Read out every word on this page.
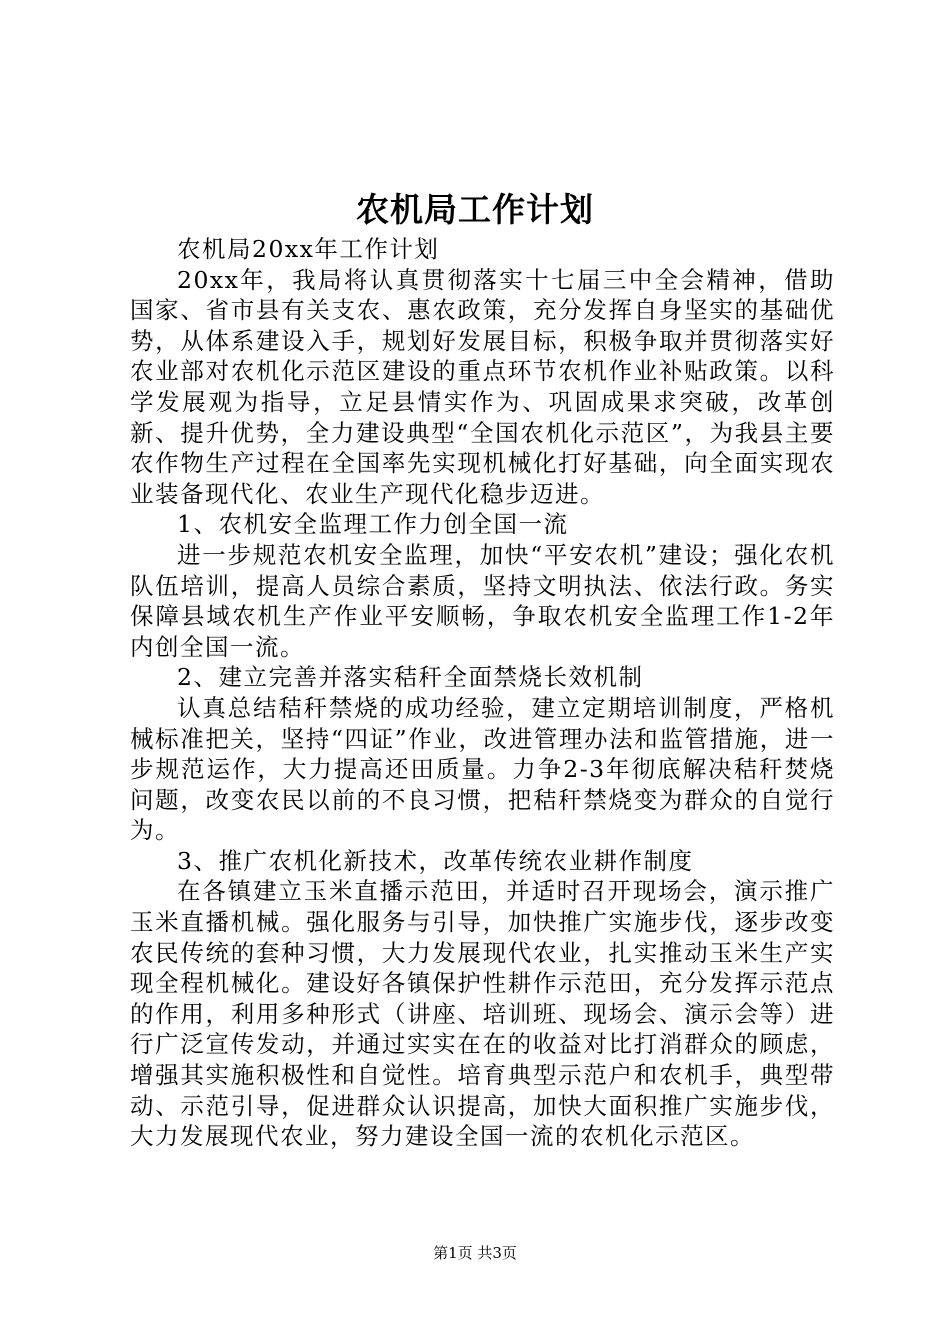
农机局工作计划

农机局20xx年工作计划

20xx年，我局将认真贯彻落实十七届三中全会精神，借助国家、省市县有关支农、惠农政策，充分发挥自身坚实的基础优势，从体系建设入手，规划好发展目标，积极争取并贯彻落实好农业部对农机化示范区建设的重点环节农机作业补贴政策。以科学发展观为指导，立足县情实作为、巩固成果求突破，改革创新、提升优势，全力建设典型“全国农机化示范区”，为我县主要农作物生产过程在全国率先实现机械化打好基础，向全面实现农业装备现代化、农业生产现代化稳步迈进。

1、农机安全监理工作力创全国一流

进一步规范农机安全监理，加快“平安农机”建设；强化农机队伍培训，提高人员综合素质，坚持文明执法、依法行政。务实保障县域农机生产作业平安顺畅，争取农机安全监理工作1-2年内创全国一流。

2、建立完善并落实秸秆全面禁烧长效机制

认真总结秸秆禁烧的成功经验，建立定期培训制度，严格机械标准把关，坚持“四证”作业，改进管理办法和监管措施，进一步规范运作，大力提高还田质量。力争2-3年彻底解决秸秆焚烧问题，改变农民以前的不良习惯，把秸秆禁烧变为群众的自觉行为。

3、推广农机化新技术，改革传统农业耕作制度

在各镇建立玉米直播示范田，并适时召开现场会，演示推广玉米直播机械。强化服务与引导，加快推广实施步伐，逐步改变农民传统的套种习惯，大力发展现代农业，扎实推动玉米生产实现全程机械化。建设好各镇保护性耕作示范田，充分发挥示范点的作用，利用多种形式（讲座、培训班、现场会、演示会等）进行广泛宣传发动，并通过实实在在的收益对比打消群众的顾虑，增强其实施积极性和自觉性。培育典型示范户和农机手，典型带动、示范引导，促进群众认识提高，加快大面积推广实施步伐，大力发展现代农业，努力建设全国一流的农机化示范区。

第1页 共3页
